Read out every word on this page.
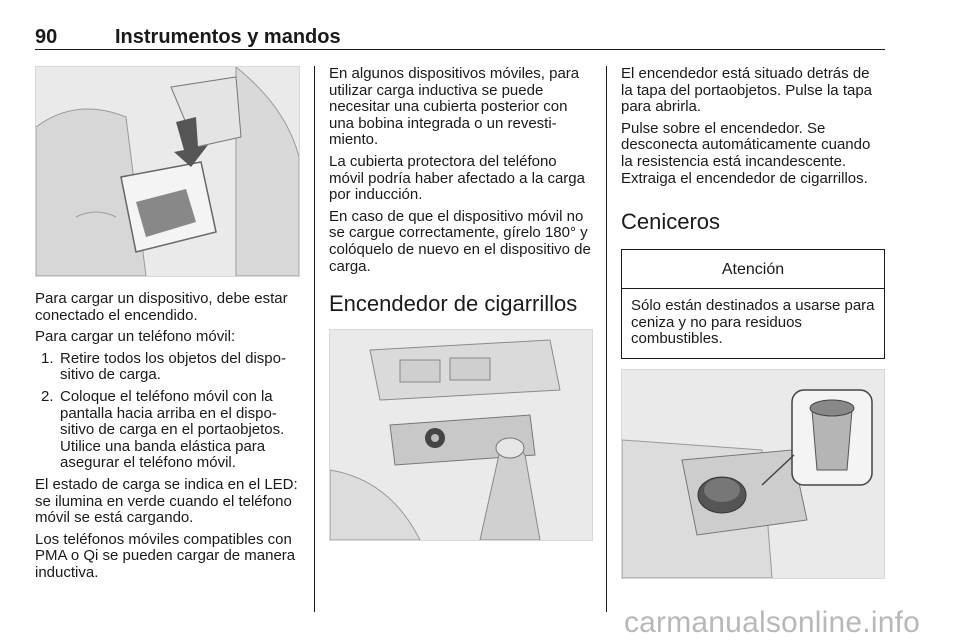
90	Instrumentos y mandos

Para cargar un dispositivo, debe estar conectado el encendido.

Para cargar un teléfono móvil:

1. Retire todos los objetos del dispositivo de carga.
2. Coloque el teléfono móvil con la pantalla hacia arriba en el dispositivo de carga en el portaobjetos. Utilice una banda elástica para asegurar el teléfono móvil.

El estado de carga se indica en el LED: se ilumina en verde cuando el teléfono móvil se está cargando.

Los teléfonos móviles compatibles con PMA o Qi se pueden cargar de manera inductiva.

En algunos dispositivos móviles, para utilizar carga inductiva se puede necesitar una cubierta posterior con una bobina integrada o un revestimiento.

La cubierta protectora del teléfono móvil podría haber afectado a la carga por inducción.

En caso de que el dispositivo móvil no se cargue correctamente, gírelo 180° y colóquelo de nuevo en el dispositivo de carga.

Encendedor de cigarrillos

El encendedor está situado detrás de la tapa del portaobjetos. Pulse la tapa para abrirla.

Pulse sobre el encendedor. Se desconecta automáticamente cuando la resistencia está incandescente. Extraiga el encendedor de cigarrillos.

Ceniceros
Atención

Sólo están destinados a usarse para ceniza y no para residuos combustibles.

carmanualsonline.info
